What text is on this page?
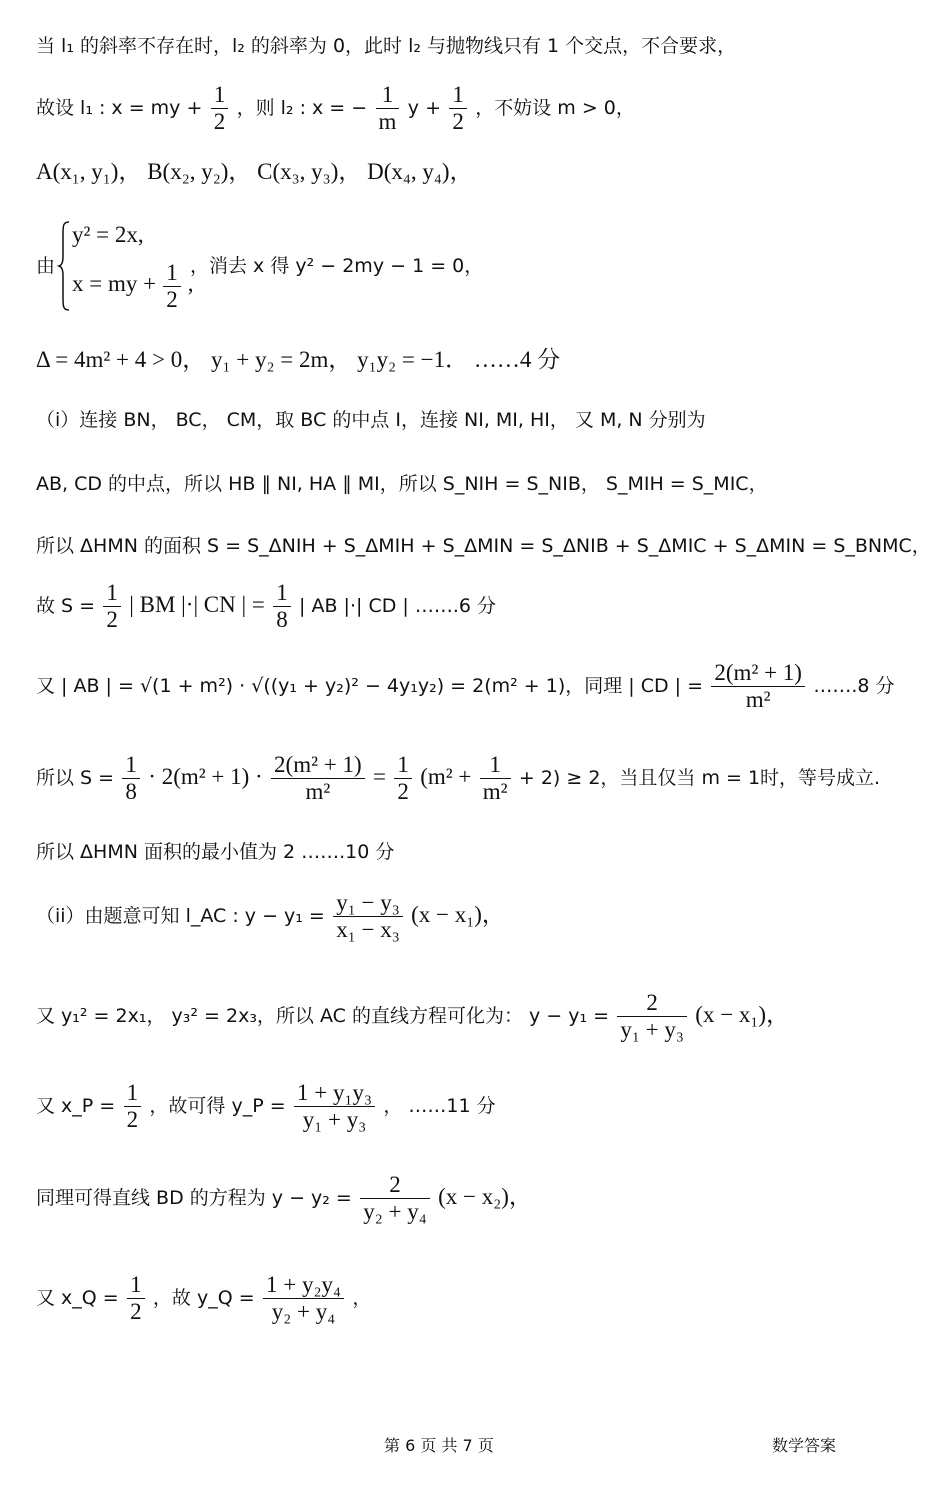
当 l₁ 的斜率不存在时，l₂ 的斜率为 0，此时 l₂ 与抛物线只有 1 个交点，不合要求，
故设 l₁ : x = my + $\frac{1}{2}$ ，则 l₂ : x = − $\frac{1}{m}$ $y + \frac{1}{2}$ ，不妨设 m > 0，
A(x₁, y₁)， B(x₂, y₂)， C(x₃, y₃)， D(x₄, y₄)，
由
y² = 2x,
x = my + $\frac{1}{2}$ ,
，消去 x 得 y² − 2my − 1 = 0，
Δ = 4m² + 4 > 0， y₁ + y₂ = 2m， y₁y₂ = −1． ……4 分
（i）连接 BN， BC， CM，取 BC 的中点 I，连接 NI, MI, HI， 又 M, N 分别为
AB, CD 的中点，所以 HB ∥ NI, HA ∥ MI，所以 S_NIH = S_NIB， S_MIH = S_MIC，
所以 ΔHMN 的面积 S = S_ΔNIH + S_ΔMIH + S_ΔMIN = S_ΔNIB + S_ΔMIC + S_ΔMIN = S_BNMC，
故 $S = \frac{1}{2}$ | BM |·| CN | = $\frac{1}{8}$ | AB |·| CD | …….6 分
又 | AB | = √(1 + m²) · √((y₁ + y₂)² − 4y₁y₂) = 2(m² + 1)，同理 | CD | = $\frac{\text{2(m² + 1)}}{\text{m²}}$ …….8 分
所以 $S = \frac{1}{8} \cdot 2(m^2 + 1) \cdot \frac{\text{2(m² + 1)}}{\text{m²}} = \frac{1}{2} (m^2 + \frac{1}{\text{m²}} + 2) \ge 2$，当且仅当 m = 1时，等号成立.
所以 ΔHMN 面积的最小值为 2 …….10 分
（ii）由题意可知 l_AC : $y - y_1 = \frac{\text{y₁ − y₃}}{\text{x₁ − x₃}} (x - x_1)$，
又 y₁² = 2x₁， y₃² = 2x₃，所以 AC 的直线方程可化为： $y - y_1 = \frac{2}{\text{y₁ + y₃}} (x - x_1)$，
又 x_P = $\frac{1}{2}$ ，故可得 y_P = $\frac{\text{1 + y₁y₃}}{\text{y₁ + y₃}}$ ， ……11 分
同理可得直线 BD 的方程为 $y - y_2 = \frac{2}{\text{y₂ + y₄}} (x - x_2)$，
又 x_Q = $\frac{1}{2}$ ，故 y_Q = $\frac{\text{1 + y₂y₄}}{\text{y₂ + y₄}}$ ，
第 6 页 共 7 页	数学答案
